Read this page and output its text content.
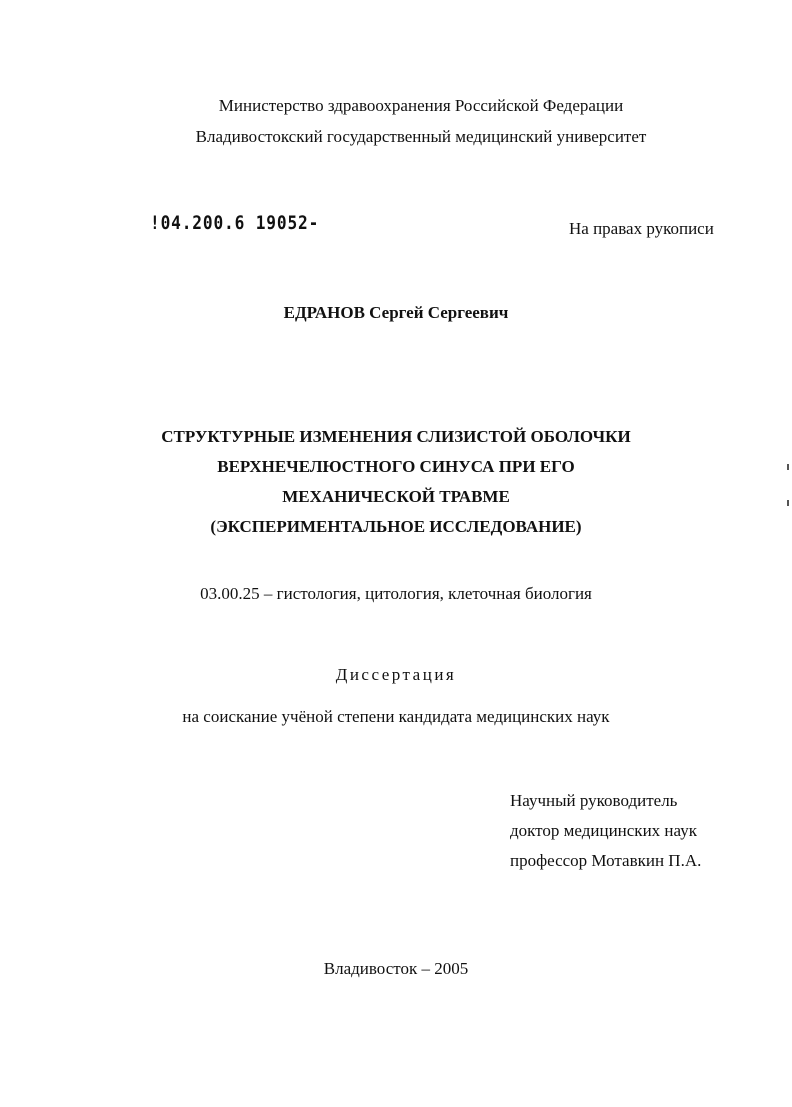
Министерство здравоохранения Российской Федерации
Владивостокский государственный медицинский университет
!04.200.6 19052-	На правах рукописи
ЕДРАНОВ Сергей Сергеевич
СТРУКТУРНЫЕ ИЗМЕНЕНИЯ СЛИЗИСТОЙ ОБОЛОЧКИ
ВЕРХНЕЧЕЛЮСТНОГО СИНУСА ПРИ ЕГО
МЕХАНИЧЕСКОЙ ТРАВМЕ
(ЭКСПЕРИМЕНТАЛЬНОЕ ИССЛЕДОВАНИЕ)
03.00.25 – гистология, цитология, клеточная биология
Диссертация
на соискание учёной степени кандидата медицинских наук
Научный руководитель
доктор медицинских наук
профессор Мотавкин П.А.
Владивосток – 2005
